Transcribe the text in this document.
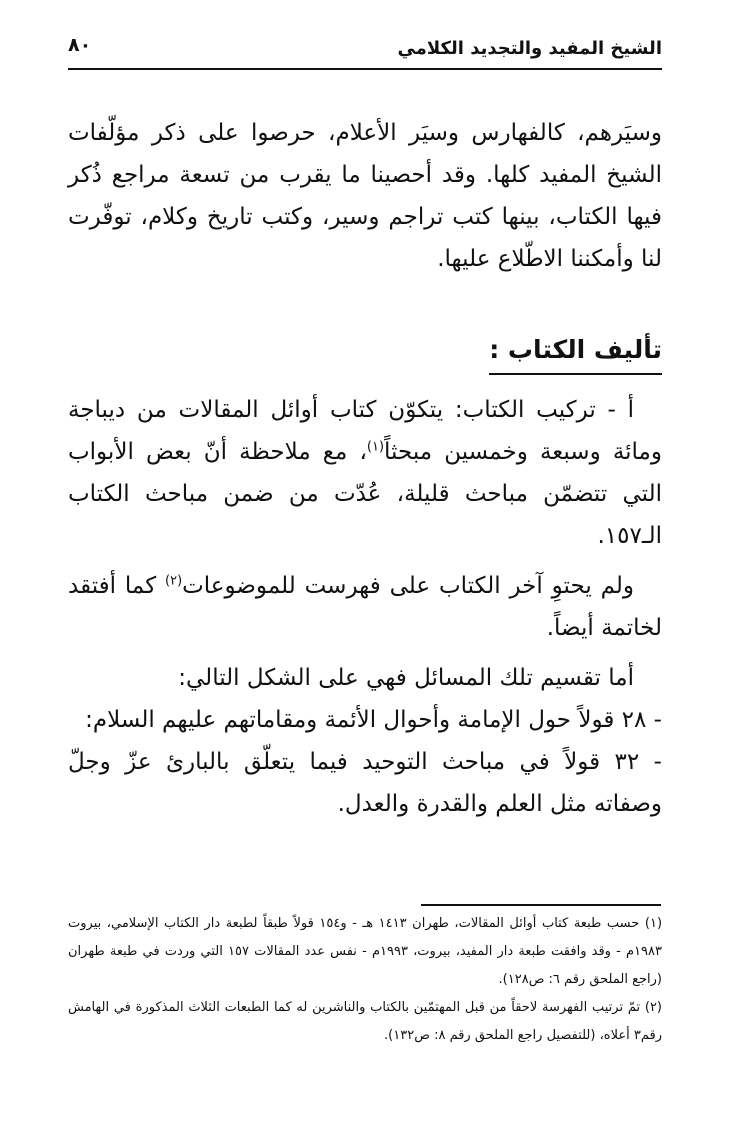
الشيخ المفيد والتجديد الكلامي
٨٠

وسيَرهم، كالفهارس وسيَر الأعلام، حرصوا على ذكر مؤلّفات الشيخ المفيد كلها. وقد أحصينا ما يقرب من تسعة مراجع ذُكر فيها الكتاب، بينها كتب تراجم وسير، وكتب تاريخ وكلام، توفّرت لنا وأمكننا الاطّلاع عليها.

تأليف الكتاب :

أ - تركيب الكتاب: يتكوّن كتاب أوائل المقالات من ديباجة ومائة وسبعة وخمسين مبحثاً$^{(١)}$، مع ملاحظة أنّ بعض الأبواب التي تتضمّن مباحث قليلة، عُدّت من ضمن مباحث الكتاب الـ١٥٧.

ولم يحتوِ آخر الكتاب على فهرست للموضوعات$^{(٢)}$ كما أفتقد لخاتمة أيضاً.

أما تقسيم تلك المسائل فهي على الشكل التالي:

- ٢٨ قولاً حول الإمامة وأحوال الأئمة ومقاماتهم عليهم السلام:

- ٣٢ قولاً في مباحث التوحيد فيما يتعلّق بالبارئ عزّ وجلّ وصفاته مثل العلم والقدرة والعدل.

(١) حسب طبعة كتاب أوائل المقالات، طهران ١٤١٣ هـ - و١٥٤ قولاً طبقاً لطبعة دار الكتاب الإسلامي، بيروت ١٩٨٣م - وقد وافقت طبعة دار المفيد، بيروت، ١٩٩٣م - نفس عدد المقالات ١٥٧ التي وردت في طبعة طهران (راجع الملحق رقم ٦: ص١٢٨).

(٢) تمّ ترتيب الفهرسة لاحقاً من قبل المهتمّين بالكتاب والناشرين له كما الطبعات الثلاث المذكورة في الهامش رقم٣ أعلاه، (للتفصيل راجع الملحق رقم ٨: ص١٣٢).
